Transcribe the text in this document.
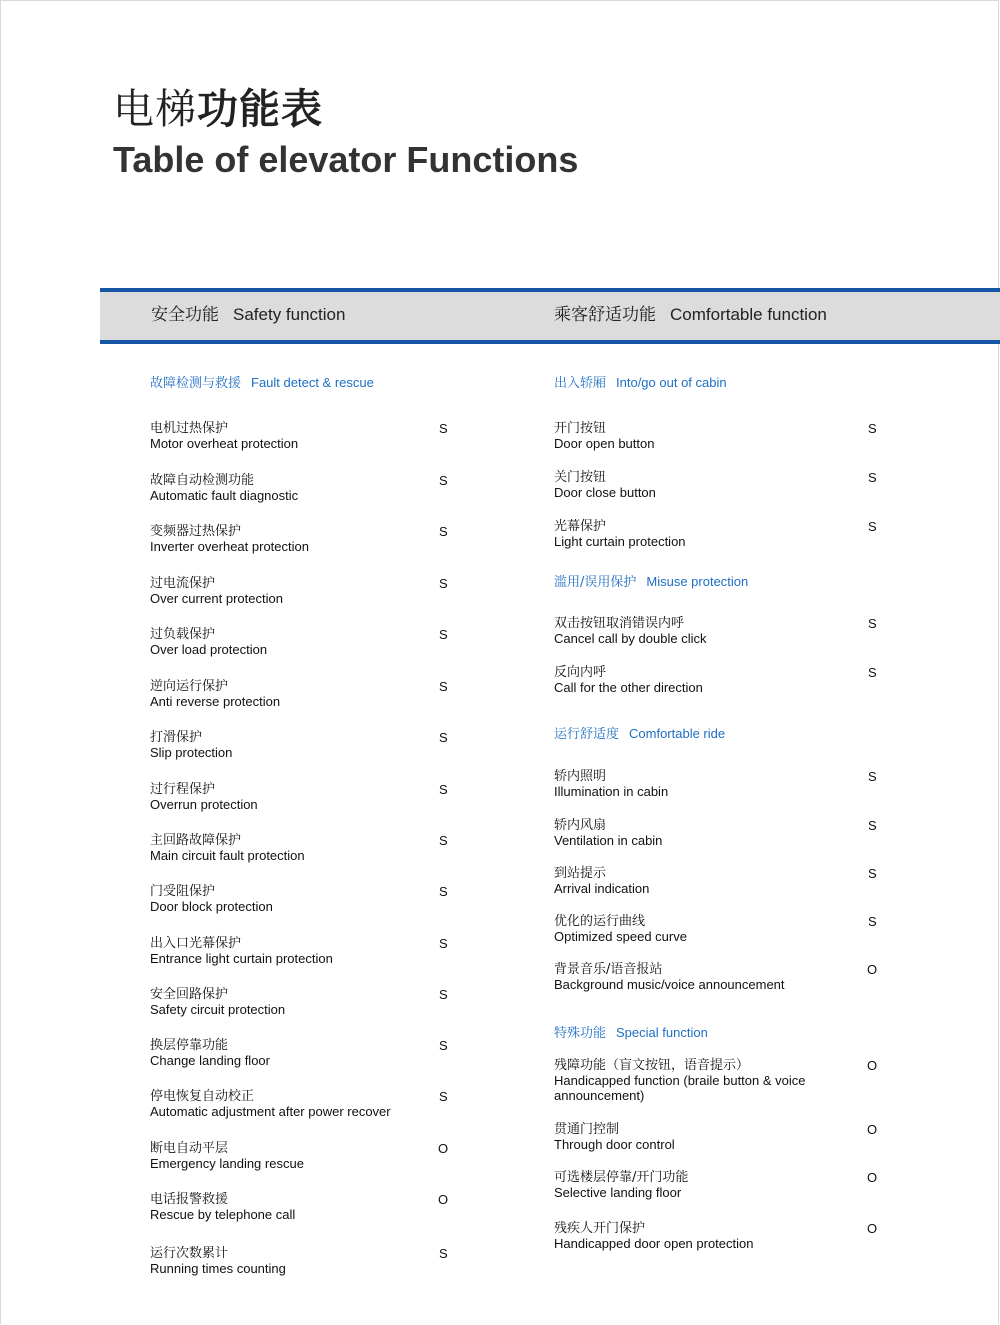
电梯功能表
Table of elevator Functions
安全功能 Safety function	乘客舒适功能 Comfortable function
故障检测与救援 Fault detect & rescue
电机过热保护
Motor overheat protection
S
故障自动检测功能
Automatic fault diagnostic
S
变频器过热保护
Inverter overheat protection
S
过电流保护
Over current protection
S
过负载保护
Over load protection
S
逆向运行保护
Anti reverse protection
S
打滑保护
Slip protection
S
过行程保护
Overrun protection
S
主回路故障保护
Main circuit fault protection
S
门受阻保护
Door block protection
S
出入口光幕保护
Entrance light curtain protection
S
安全回路保护
Safety circuit protection
S
换层停靠功能
Change landing floor
S
停电恢复自动校正
Automatic adjustment after power recover
S
断电自动平层
Emergency landing rescue
O
电话报警救援
Rescue by telephone call
O
运行次数累计
Running times counting
S
出入轿厢 Into/go out of cabin
开门按钮
Door open button
S
关门按钮
Door close button
S
光幕保护
Light curtain protection
S
滥用/误用保护 Misuse protection
双击按钮取消错误内呼
Cancel call by double click
S
反向内呼
Call for the other direction
S
运行舒适度 Comfortable ride
轿内照明
Illumination in cabin
S
轿内风扇
Ventilation in cabin
S
到站提示
Arrival indication
S
优化的运行曲线
Optimized speed curve
S
背景音乐/语音报站
Background music/voice announcement
O
特殊功能 Special function
残障功能（盲文按钮，语音提示）
Handicapped function (braile button & voice announcement)
O
贯通门控制
Through door control
O
可选楼层停靠/开门功能
Selective landing floor
O
残疾人开门保护
Handicapped door open protection
O
